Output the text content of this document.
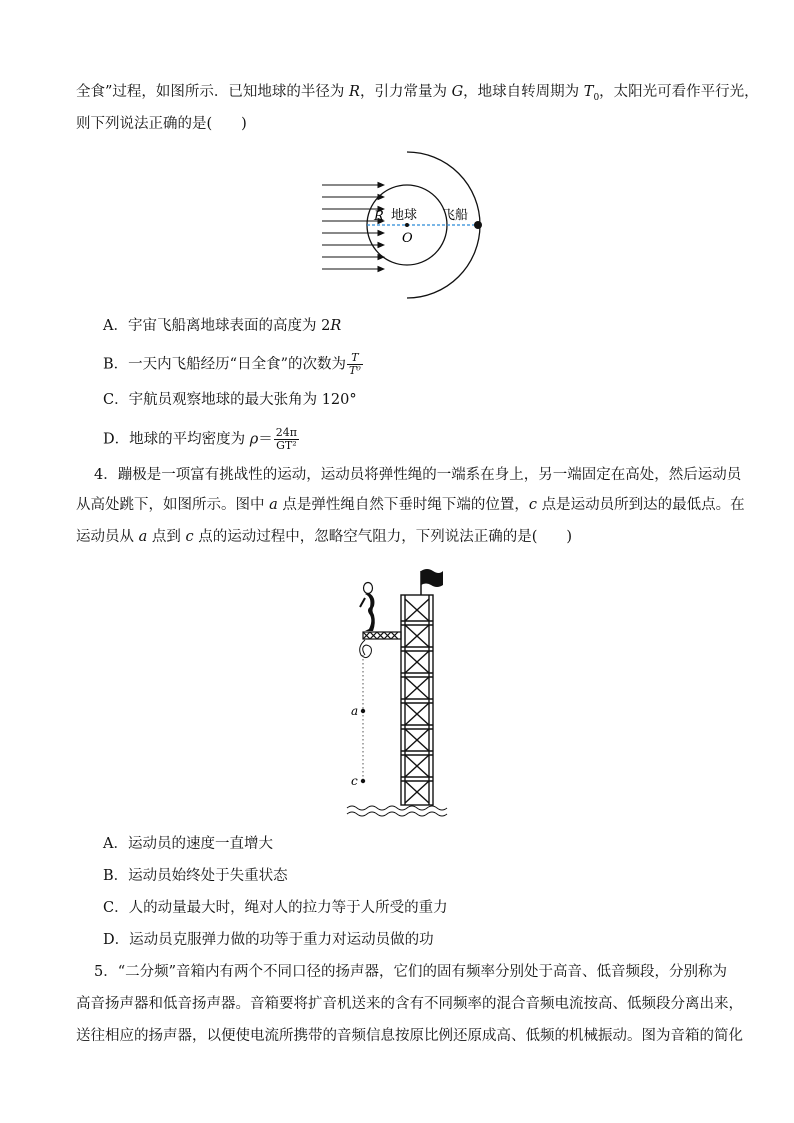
全食”过程，如图所示．已知地球的半径为 R，引力常量为 G，地球自转周期为 $T_0$，太阳光可看作平行光，
则下列说法正确的是(　　)
R 地球 飞船
O
A．宇宙飞船离地球表面的高度为 2R
B．一天内飞船经历“日全食”的次数为 $\frac{T}{\text{T⁰}}$
C．宇航员观察地球的最大张角为 120°
D．地球的平均密度为 $\rho= \frac{24\pi}{\text{GT²}}$
4．蹦极是一项富有挑战性的运动，运动员将弹性绳的一端系在身上，另一端固定在高处，然后运动员
从高处跳下，如图所示。图中 a 点是弹性绳自然下垂时绳下端的位置，c 点是运动员所到达的最低点。在
运动员从 a 点到 c 点的运动过程中，忽略空气阻力，下列说法正确的是(　　)
a
c
A．运动员的速度一直增大
B．运动员始终处于失重状态
C．人的动量最大时，绳对人的拉力等于人所受的重力
D．运动员克服弹力做的功等于重力对运动员做的功
5．“二分频”音箱内有两个不同口径的扬声器，它们的固有频率分别处于高音、低音频段，分别称为
高音扬声器和低音扬声器。音箱要将扩音机送来的含有不同频率的混合音频电流按高、低频段分离出来，
送往相应的扬声器，以便使电流所携带的音频信息按原比例还原成高、低频的机械振动。图为音箱的简化
